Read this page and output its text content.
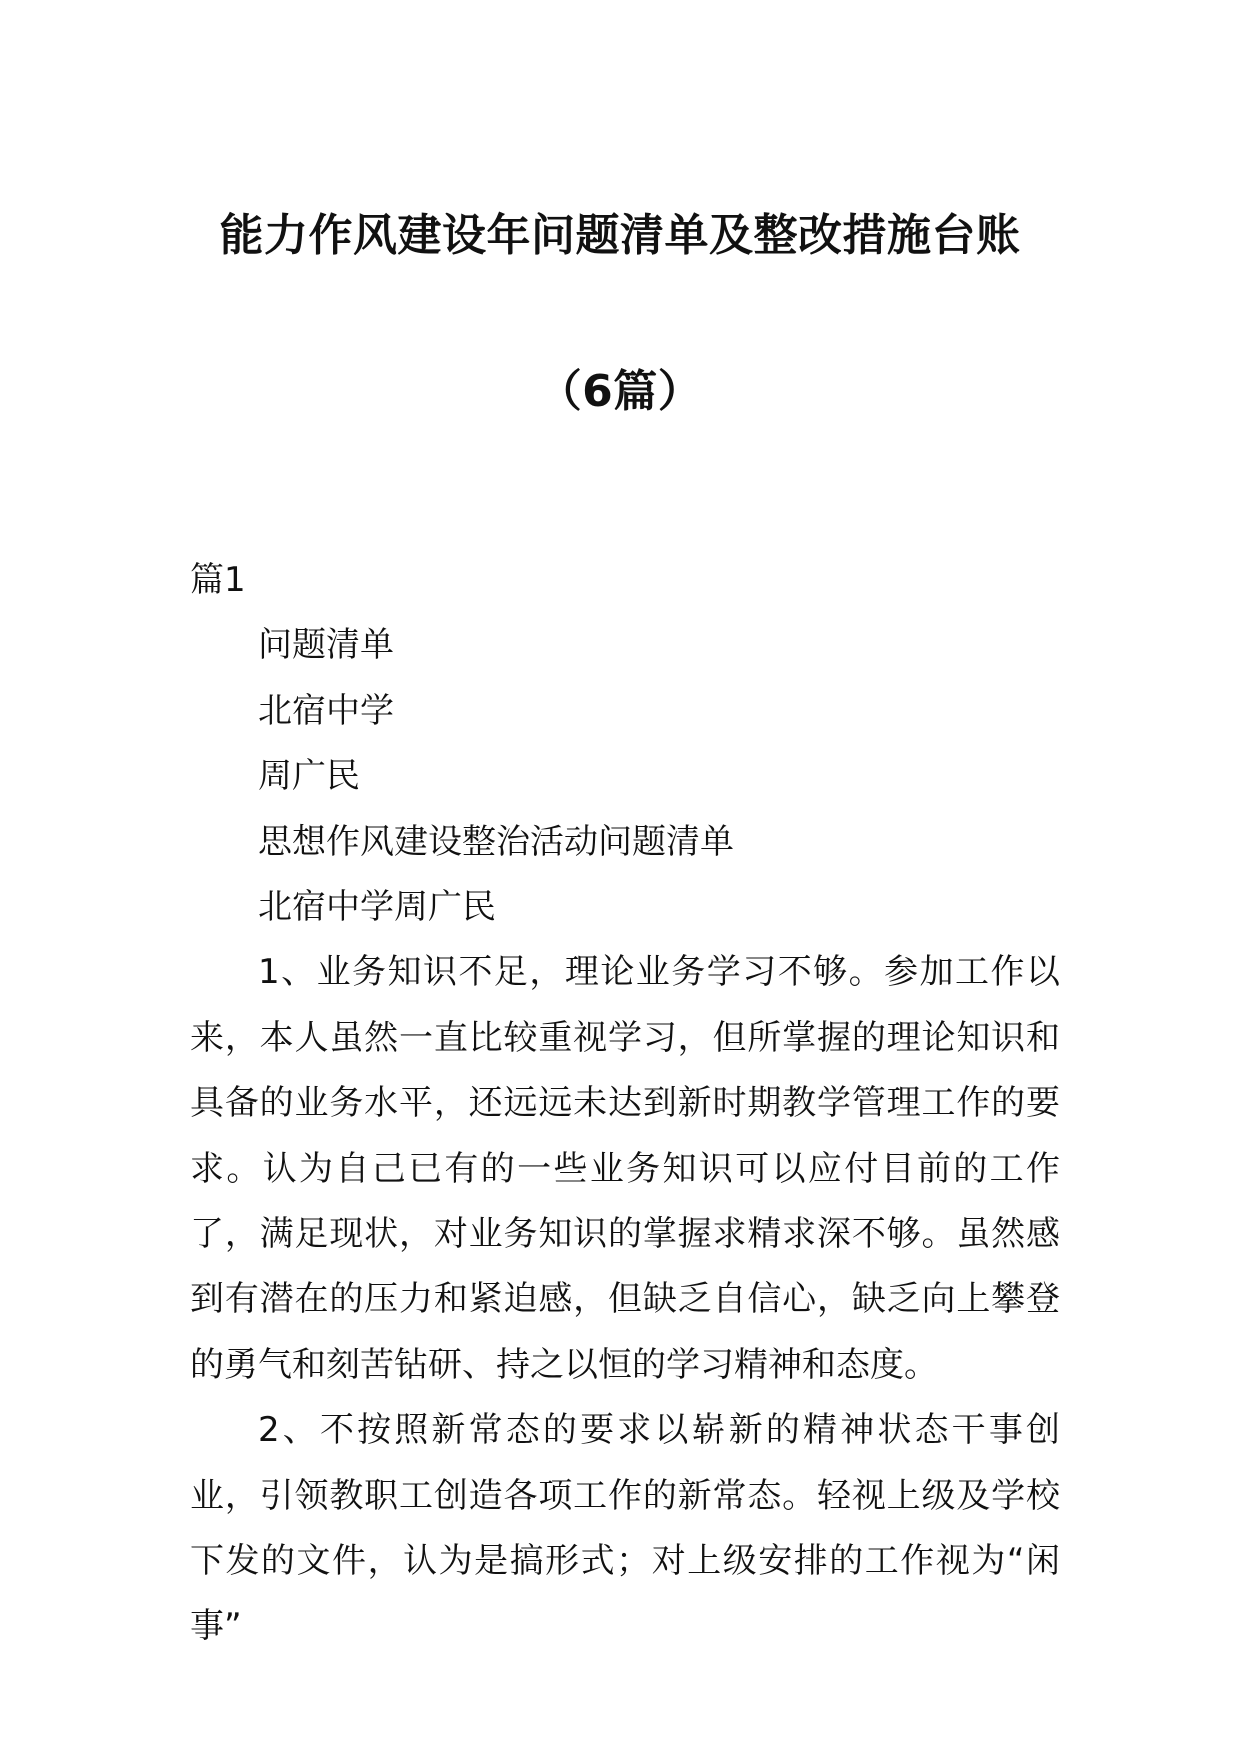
能力作风建设年问题清单及整改措施台账
（6篇）
篇1
问题清单
北宿中学
周广民
思想作风建设整治活动问题清单
北宿中学周广民
1、业务知识不足，理论业务学习不够。参加工作以来，本人虽然一直比较重视学习，但所掌握的理论知识和具备的业务水平，还远远未达到新时期教学管理工作的要求。认为自己已有的一些业务知识可以应付目前的工作了，满足现状，对业务知识的掌握求精求深不够。虽然感到有潜在的压力和紧迫感，但缺乏自信心，缺乏向上攀登的勇气和刻苦钻研、持之以恒的学习精神和态度。
2、不按照新常态的要求以崭新的精神状态干事创业，引领教职工创造各项工作的新常态。轻视上级及学校下发的文件，认为是搞形式；对上级安排的工作视为“闲事”
